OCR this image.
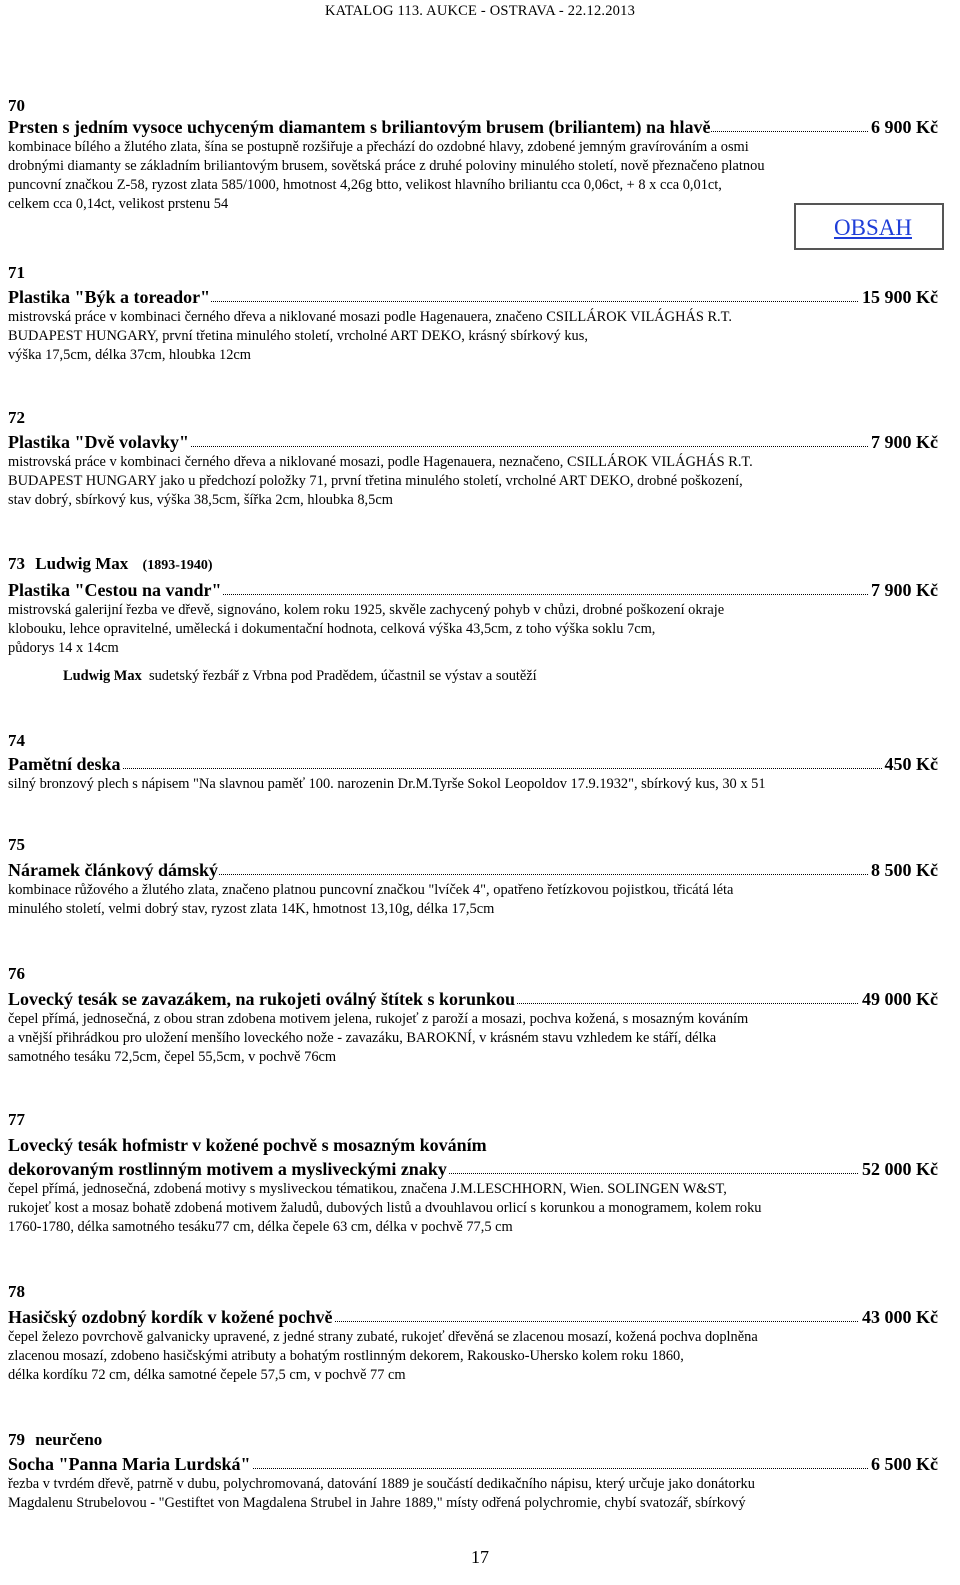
KATALOG 113. AUKCE - OSTRAVA - 22.12.2013
70
Prsten s jedním vysoce uchyceným diamantem s briliantovým brusem (briliantem) na hlavě	6 900 Kč
kombinace bílého a žlutého zlata, šína se postupně rozšiřuje a přechází do ozdobné hlavy, zdobené jemným gravírováním a osmi
drobnými diamanty se základním briliantovým brusem, sovětská práce z druhé poloviny minulého století, nově přeznačeno platnou
puncovní značkou Z-58, ryzost zlata 585/1000, hmotnost 4,26g btto, velikost hlavního briliantu cca 0,06ct, + 8 x cca 0,01ct,
celkem cca 0,14ct, velikost prstenu 54
OBSAH
71
Plastika "Býk a toreador"	15 900 Kč
mistrovská práce v kombinaci černého dřeva a niklované mosazi podle Hagenauera, značeno CSILLÁROK VILÁGHÁS R.T.
BUDAPEST HUNGARY, první třetina minulého století, vrcholné ART DEKO, krásný sbírkový kus,
výška 17,5cm, délka 37cm, hloubka 12cm
72
Plastika "Dvě volavky"	7 900 Kč
mistrovská práce v kombinaci černého dřeva a niklované mosazi, podle Hagenauera, neznačeno, CSILLÁROK VILÁGHÁS R.T.
BUDAPEST HUNGARY jako u předchozí položky 71, první třetina minulého století, vrcholné ART DEKO, drobné poškození,
stav dobrý, sbírkový kus, výška 38,5cm, šířka 2cm, hloubka 8,5cm
73 Ludwig Max (1893-1940)
Plastika "Cestou na vandr"	7 900 Kč
mistrovská galerijní řezba ve dřevě, signováno, kolem roku 1925, skvěle zachycený pohyb v chůzi, drobné poškození okraje
klobouku, lehce opravitelné, umělecká i dokumentační hodnota, celková výška 43,5cm, z toho výška soklu 7cm,
půdorys 14 x 14cm
Ludwig Max sudetský řezbář z Vrbna pod Pradědem, účastnil se výstav a soutěží
74
Pamětní deska	450 Kč
silný bronzový plech s nápisem "Na slavnou paměť 100. narozenin Dr.M.Tyrše Sokol Leopoldov 17.9.1932", sbírkový kus, 30 x 51
75
Náramek článkový dámský	8 500 Kč
kombinace růžového a žlutého zlata, značeno platnou puncovní značkou "lvíček 4", opatřeno řetízkovou pojistkou, třicátá léta
minulého století, velmi dobrý stav, ryzost zlata 14K, hmotnost 13,10g, délka 17,5cm
76
Lovecký tesák se zavazákem, na rukojeti oválný štítek s korunkou	49 000 Kč
čepel přímá, jednosečná, z obou stran zdobena motivem jelena, rukojeť z paroží a mosazi, pochva kožená, s mosazným kováním
a vnější přihrádkou pro uložení menšího loveckého nože - zavazáku, BAROKNÍ, v krásném stavu vzhledem ke stáří, délka
samotného tesáku 72,5cm, čepel 55,5cm, v pochvě 76cm
77
Lovecký tesák hofmistr v kožené pochvě s mosazným kováním
dekorovaným rostlinným motivem a mysliveckými znaky	52 000 Kč
čepel přímá, jednosečná, zdobená motivy s mysliveckou tématikou, značena J.M.LESCHHORN, Wien. SOLINGEN W&ST,
rukojeť kost a mosaz bohatě zdobená motivem žaludů, dubových listů a dvouhlavou orlicí s korunkou a monogramem, kolem roku
1760-1780, délka samotného tesáku77 cm, délka čepele 63 cm, délka v pochvě 77,5 cm
78
Hasičský ozdobný kordík v kožené pochvě	43 000 Kč
čepel železo povrchově galvanicky upravené, z jedné strany zubaté, rukojeť dřevěná se zlacenou mosazí, kožená pochva doplněna
zlacenou mosazí, zdobeno hasičskými atributy a bohatým rostlinným dekorem, Rakousko-Uhersko kolem roku 1860,
délka kordíku 72 cm, délka samotné čepele 57,5 cm, v pochvě 77 cm
79 neurčeno
Socha "Panna Maria Lurdská"	6 500 Kč
řezba v tvrdém dřevě, patrně v dubu, polychromovaná, datování 1889 je součástí dedikačního nápisu, který určuje jako donátorku
Magdalenu Strubelovou - "Gestiftet von Magdalena Strubel in Jahre 1889," místy odřená polychromie, chybí svatozář, sbírkový
17
